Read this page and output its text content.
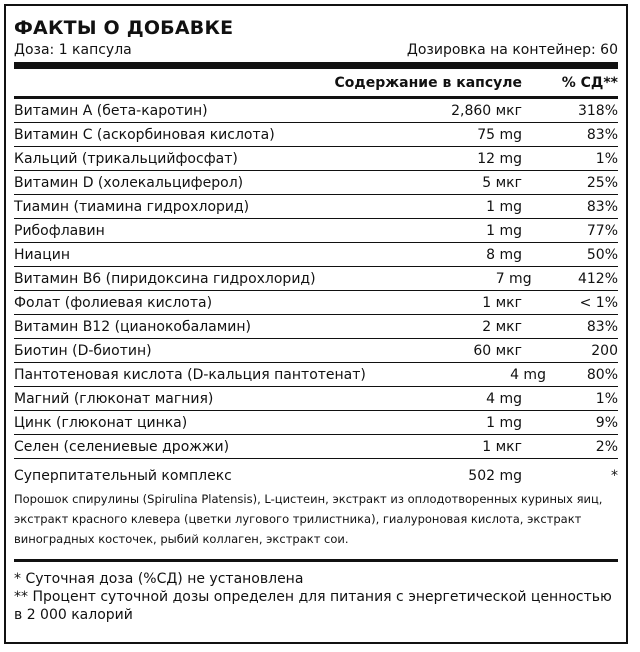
ФАКТЫ О ДОБАВКЕ
Доза: 1 капсула	Дозировка на контейнер: 60
Содержание в капсуле	% СД**
Витамин А (бета-каротин)	2,860 мкг	318%
Витамин С (аскорбиновая кислота)	75 mg	83%
Кальций (трикальцийфосфат)	12 mg	1%
Витамин D (холекальциферол)	5 мкг	25%
Тиамин (тиамина гидрохлорид)	1 mg	83%
Рибофлавин	1 mg	77%
Ниацин	8 mg	50%
Витамин B6 (пиридоксина гидрохлорид)	7 mg	412%
Фолат (фолиевая кислота)	1 мкг	< 1%
Витамин B12 (цианокобаламин)	2 мкг	83%
Биотин (D-биотин)	60 мкг	200
Пантотеновая кислота (D-кальция пантотенат)	4 mg	80%
Магний (глюконат магния)	4 mg	1%
Цинк (глюконат цинка)	1 mg	9%
Селен (селениевые дрожжи)	1 мкг	2%
Суперпитательный комплекс	502 mg	*
Порошок спирулины (Spirulina Platensis), L-цистеин, экстракт из оплодотворенных куриных яиц, экстракт красного клевера (цветки лугового трилистника), гиалуроновая кислота, экстракт виноградных косточек, рыбий коллаген, экстракт сои.
* Суточная доза (%СД) не установлена
** Процент суточной дозы определен для питания с энергетической ценностью в 2 000 калорий
